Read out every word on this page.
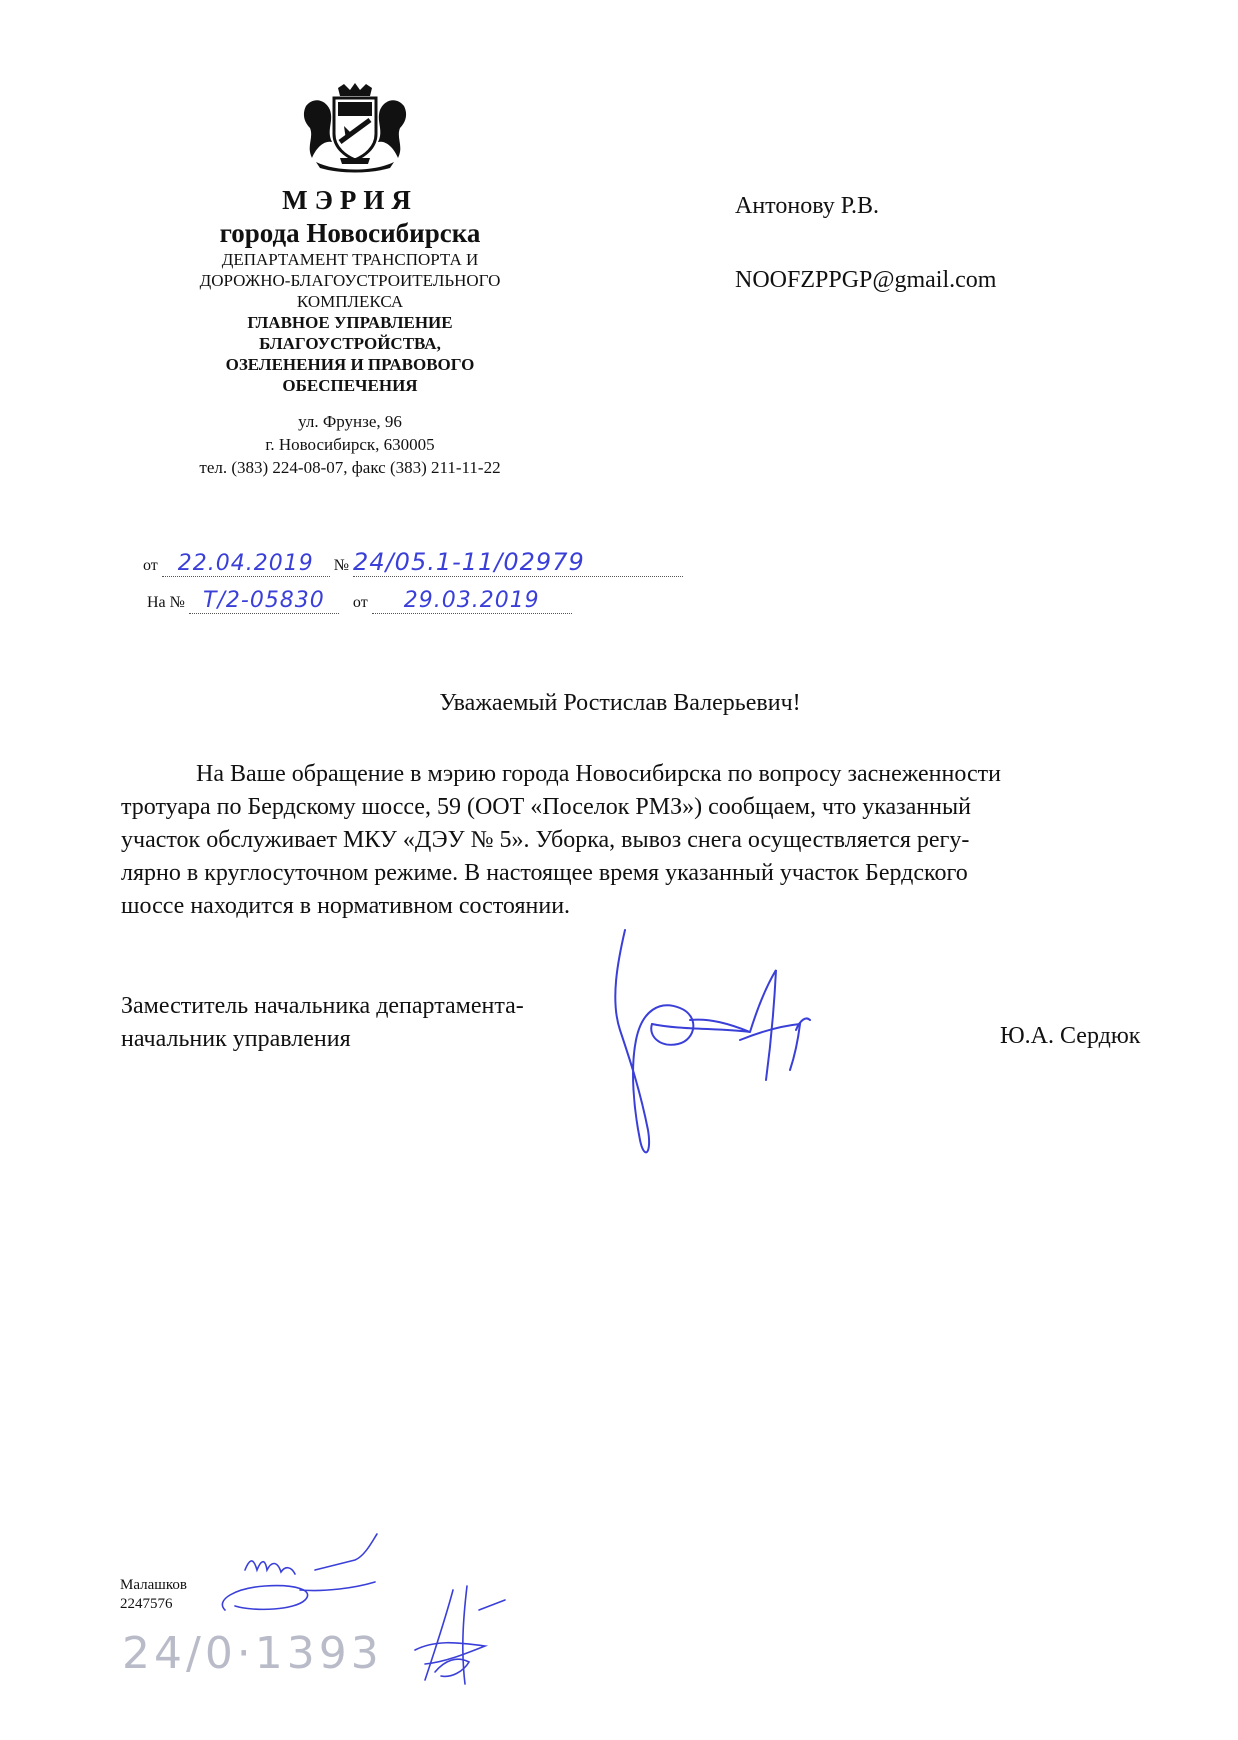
МЭРИЯ
города Новосибирска
ДЕПАРТАМЕНТ ТРАНСПОРТА И
ДОРОЖНО-БЛАГОУСТРОИТЕЛЬНОГО
КОМПЛЕКСА
ГЛАВНОЕ УПРАВЛЕНИЕ
БЛАГОУСТРОЙСТВА,
ОЗЕЛЕНЕНИЯ И ПРАВОВОГО
ОБЕСПЕЧЕНИЯ
ул. Фрунзе, 96
г. Новосибирск, 630005
тел. (383) 224-08-07, факс (383) 211-11-22
от 22.04.2019 № 24/05.1-11/02979
На № Т/2-05830 от 29.03.2019
Антонову Р.В.
NOOFZPPGP@gmail.com
Уважаемый Ростислав Валерьевич!
На Ваше обращение в мэрию города Новосибирска по вопросу заснеженности
тротуара по Бердскому шоссе, 59 (ООТ «Поселок РМЗ») сообщаем, что указанный
участок обслуживает МКУ «ДЭУ № 5». Уборка, вывоз снега осуществляется регу-
лярно в круглосуточном режиме. В настоящее время указанный участок Бердского
шоссе находится в нормативном состоянии.
Заместитель начальника департамента-
начальник управления	Ю.А. Сердюк
Малашков
2247576
24/0·1393
